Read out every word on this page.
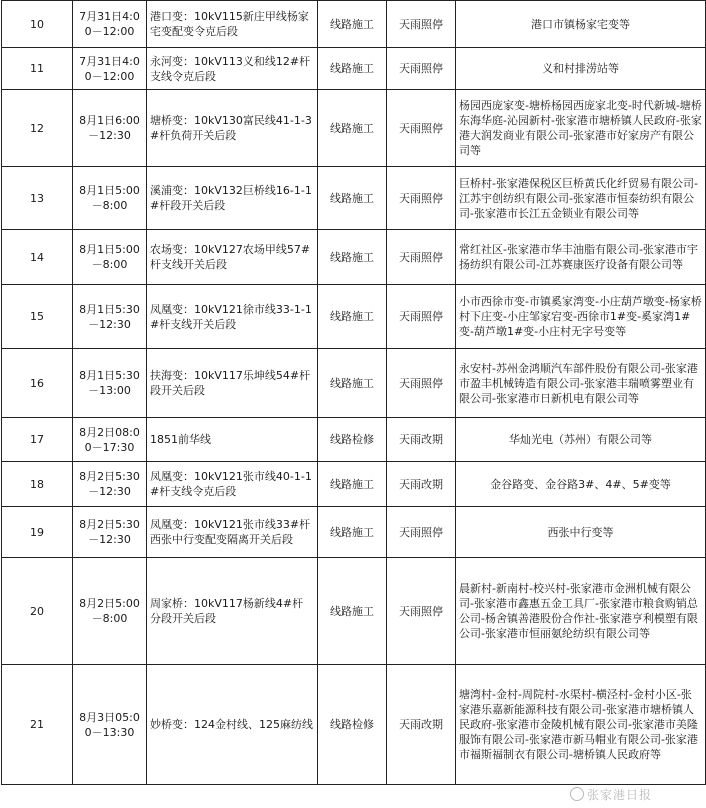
10	7月31日4:00－12:00	港口变：10kV115新庄甲线杨家宅变配变令克后段	线路施工	天雨照停	港口市镇杨家宅变等
11	7月31日4:00－12:00	永河变：10kV113义和线12#杆支线令克后段	线路施工	天雨照停	义和村排涝站等
12	8月1日6:00－12:30	塘桥变：10kV130富民线41-1-3#杆负荷开关后段	线路施工	天雨照停	杨园西庞家变-塘桥杨园西庞家北变-时代新城-塘桥东海华庭-沁园新村-张家港市塘桥镇人民政府-张家港大润发商业有限公司-张家港市好家房产有限公司等
13	8月1日5:00－8:00	溪浦变：10kV132巨桥线16-1-1#杆段开关后段	线路施工	天雨照停	巨桥村-张家港保税区巨桥黄氏化纤贸易有限公司-江苏宇创纺织有限公司-张家港市恒泰纺织有限公司-张家港市长江五金锁业有限公司等
14	8月1日5:00－8:00	农场变：10kV127农场甲线57#杆支线开关后段	线路施工	天雨照停	常红社区-张家港市华丰油脂有限公司-张家港市宇扬纺织有限公司-江苏赛康医疗设备有限公司等
15	8月1日5:30－12:30	凤凰变：10kV121徐市线33-1-1#杆支线开关后段	线路施工	天雨照停	小市西徐市变-市镇奚家湾变-小庄葫芦墩变-杨家桥村下庄变-小庄邹家宕变-西徐市1#变-奚家湾1#变-葫芦墩1#变-小庄村无字号变等
16	8月1日5:30－13:00	扶海变：10kV117乐坤线54#杆段开关后段	线路施工	天雨照停	永安村-苏州金鸿顺汽车部件股份有限公司-张家港市盈丰机械铸造有限公司-张家港丰瑞喷雾塑业有限公司-张家港市日新机电有限公司等
17	8月2日08:00－17:30	1851前华线	线路检修	天雨改期	华灿光电（苏州）有限公司等
18	8月2日5:30－12:30	凤凰变：10kV121张市线40-1-1#杆支线令克后段	线路施工	天雨改期	金谷路变、金谷路3#、4#、5#变等
19	8月2日5:30－12:30	凤凰变：10kV121张市线33#杆西张中行变配变隔离开关后段	线路施工	天雨照停	西张中行变等
20	8月2日5:00－8:00	周家桥：10kV117杨新线4#杆分段开关后段	线路施工	天雨照停	晨新村-新南村-校兴村-张家港市金洲机械有限公司-张家港市鑫惠五金工具厂-张家港市粮食购销总公司-杨舍镇善港股份合作社-张家港亨利模塑有限公司-张家港市恒丽氨纶纺织有限公司等
21	8月3日05:00－13:30	妙桥变：124金村线、125麻纺线	线路检修	天雨改期	塘湾村-金村-周院村-水渠村-横泾村-金村小区-张家港乐嘉新能源科技有限公司-张家港市塘桥镇人民政府-张家港市金陵机械有限公司-张家港市美隆服饰有限公司-张家港市新马帽业有限公司-张家港市福斯福制衣有限公司-塘桥镇人民政府等
张家港日报
